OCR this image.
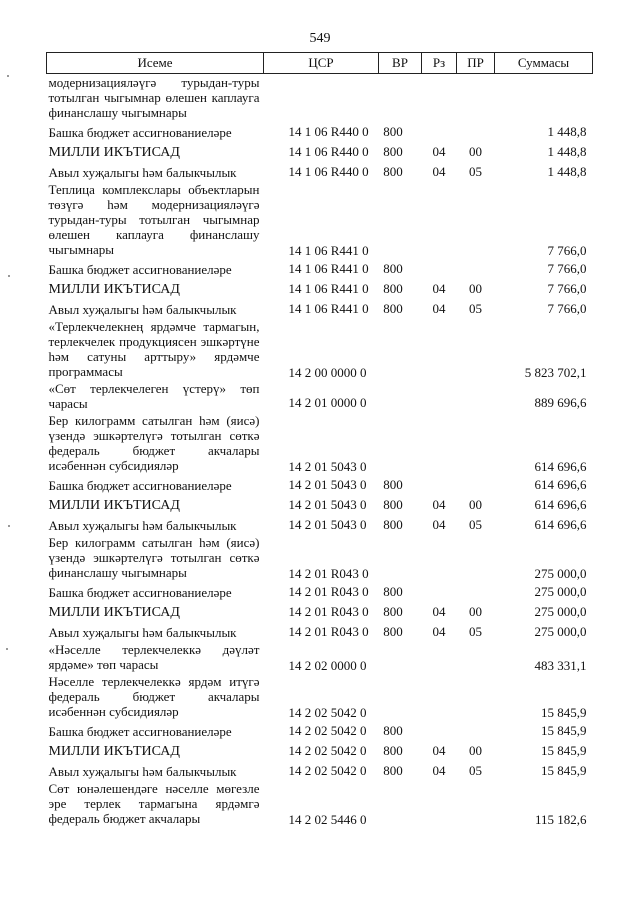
549
Исеме	ЦСР	ВР	Рз	ПР	Суммасы
модернизацияләүгә турыдан-туры тотылган чыгымнар өлешен каплауга финанслашу чыгымнары					
Башка бюджет ассигнованиеләре	14 1 06 R440 0	800			1 448,8
МИЛЛИ ИКЪТИСАД	14 1 06 R440 0	800	04	00	1 448,8
Авыл хуҗалыгы һәм балыкчылык	14 1 06 R440 0	800	04	05	1 448,8
Теплица комплекслары объектларын төзүгә һәм модернизацияләүгә турыдан-туры тотылган чыгымнар өлешен каплауга финанслашу чыгымнары	14 1 06 R441 0				7 766,0
Башка бюджет ассигнованиеләре	14 1 06 R441 0	800			7 766,0
МИЛЛИ ИКЪТИСАД	14 1 06 R441 0	800	04	00	7 766,0
Авыл хуҗалыгы һәм балыкчылык	14 1 06 R441 0	800	04	05	7 766,0
«Терлекчелекнең ярдәмче тармагын, терлекчелек продукциясен эшкәртүне һәм сатуны арттыру» ярдәмче программасы	14 2 00 0000 0				5 823 702,1
«Сөт терлекчелеген үстерү» төп чарасы	14 2 01 0000 0				889 696,6
Бер килограмм сатылган һәм (яисә) үзендә эшкәртелүгә тотылган сөткә федераль бюджет акчалары исәбеннән субсидияләр	14 2 01 5043 0				614 696,6
Башка бюджет ассигнованиеләре	14 2 01 5043 0	800			614 696,6
МИЛЛИ ИКЪТИСАД	14 2 01 5043 0	800	04	00	614 696,6
Авыл хуҗалыгы һәм балыкчылык	14 2 01 5043 0	800	04	05	614 696,6
Бер килограмм сатылган һәм (яисә) үзендә эшкәртелүгә тотылган сөткә финанслашу чыгымнары	14 2 01 R043 0				275 000,0
Башка бюджет ассигнованиеләре	14 2 01 R043 0	800			275 000,0
МИЛЛИ ИКЪТИСАД	14 2 01 R043 0	800	04	00	275 000,0
Авыл хуҗалыгы һәм балыкчылык	14 2 01 R043 0	800	04	05	275 000,0
«Нәселле терлекчелеккә дәүләт ярдәме» төп чарасы	14 2 02 0000 0				483 331,1
Нәселле терлекчелеккә ярдәм итүгә федераль бюджет акчалары исәбеннән субсидияләр	14 2 02 5042 0				15 845,9
Башка бюджет ассигнованиеләре	14 2 02 5042 0	800			15 845,9
МИЛЛИ ИКЪТИСАД	14 2 02 5042 0	800	04	00	15 845,9
Авыл хуҗалыгы һәм балыкчылык	14 2 02 5042 0	800	04	05	15 845,9
Сөт юнәлешендәге нәселле мөгезле эре терлек тармагына ярдәмгә федераль бюджет акчалары	14 2 02 5446 0				115 182,6
